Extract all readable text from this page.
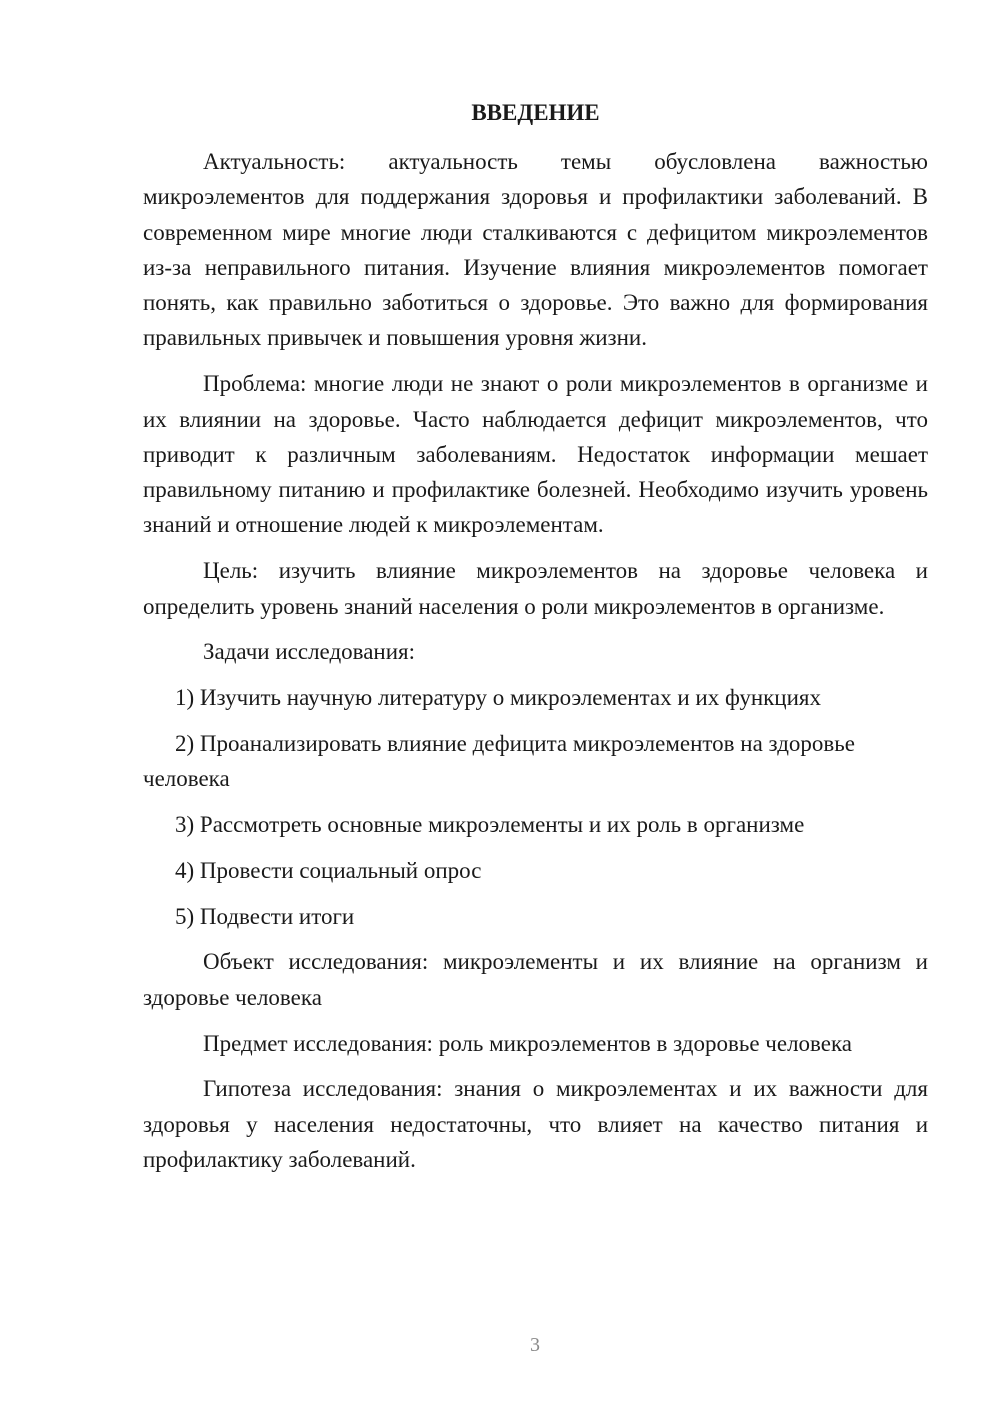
ВВЕДЕНИЕ

Актуальность: актуальность темы обусловлена важностью микроэлементов для поддержания здоровья и профилактики заболеваний. В современном мире многие люди сталкиваются с дефицитом микроэлементов из-за неправильного питания. Изучение влияния микроэлементов помогает понять, как правильно заботиться о здоровье. Это важно для формирования правильных привычек и повышения уровня жизни.

Проблема: многие люди не знают о роли микроэлементов в организме и их влиянии на здоровье. Часто наблюдается дефицит микроэлементов, что приводит к различным заболеваниям. Недостаток информации мешает правильному питанию и профилактике болезней. Необходимо изучить уровень знаний и отношение людей к микроэлементам.

Цель: изучить влияние микроэлементов на здоровье человека и определить уровень знаний населения о роли микроэлементов в организме.

Задачи исследования:

1) Изучить научную литературу о микроэлементах и их функциях

2) Проанализировать влияние дефицита микроэлементов на здоровье человека

3) Рассмотреть основные микроэлементы и их роль в организме

4) Провести социальный опрос

5) Подвести итоги

Объект исследования: микроэлементы и их влияние на организм и здоровье человека

Предмет исследования: роль микроэлементов в здоровье человека

Гипотеза исследования: знания о микроэлементах и их важности для здоровья у населения недостаточны, что влияет на качество питания и профилактику заболеваний.

3
